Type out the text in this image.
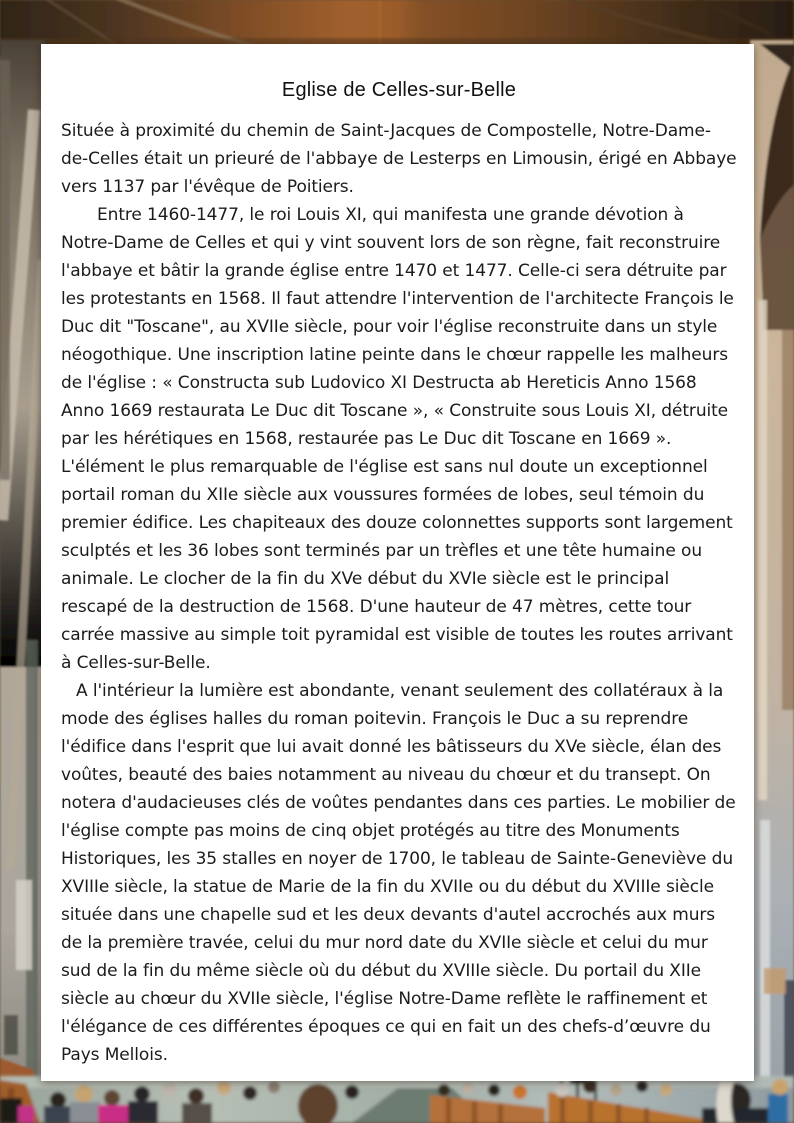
Eglise de Celles-sur-Belle

Située à proximité du chemin de Saint-Jacques de Compostelle, Notre-Dame-de-Celles était un prieuré de l'abbaye de Lesterps en Limousin, érigé en Abbaye vers 1137 par l'évêque de Poitiers.

Entre 1460-1477, le roi Louis XI, qui manifesta une grande dévotion à Notre-Dame de Celles et qui y vint souvent lors de son règne, fait reconstruire l'abbaye et bâtir la grande église entre 1470 et 1477. Celle-ci sera détruite par les protestants en 1568. Il faut attendre l'intervention de l'architecte François le Duc dit "Toscane", au XVIIe siècle, pour voir l'église reconstruite dans un style néogothique. Une inscription latine peinte dans le chœur rappelle les malheurs de l'église : « Constructa sub Ludovico XI Destructa ab Hereticis Anno 1568 Anno 1669 restaurata Le Duc dit Toscane », « Construite sous Louis XI, détruite par les hérétiques en 1568, restaurée pas Le Duc dit Toscane en 1669 ». L'élément le plus remarquable de l'église est sans nul doute un exceptionnel portail roman du XIIe siècle aux voussures formées de lobes, seul témoin du premier édifice. Les chapiteaux des douze colonnettes supports sont largement sculptés et les 36 lobes sont terminés par un trèfles et une tête humaine ou animale. Le clocher de la fin du XVe début du XVIe siècle est le principal rescapé de la destruction de 1568. D'une hauteur de 47 mètres, cette tour carrée massive au simple toit pyramidal est visible de toutes les routes arrivant à Celles-sur-Belle.

A l'intérieur la lumière est abondante, venant seulement des collatéraux à la mode des églises halles du roman poitevin. François le Duc a su reprendre l'édifice dans l'esprit que lui avait donné les bâtisseurs du XVe siècle, élan des voûtes, beauté des baies notamment au niveau du chœur et du transept. On notera d'audacieuses clés de voûtes pendantes dans ces parties. Le mobilier de l'église compte pas moins de cinq objet protégés au titre des Monuments Historiques, les 35 stalles en noyer de 1700, le tableau de Sainte-Geneviève du XVIIIe siècle, la statue de Marie de la fin du XVIIe ou du début du XVIIIe siècle située dans une chapelle sud et les deux devants d'autel accrochés aux murs de la première travée, celui du mur nord date du XVIIe siècle et celui du mur sud de la fin du même siècle où du début du XVIIIe siècle. Du portail du XIIe siècle au chœur du XVIIe siècle, l'église Notre-Dame reflète le raffinement et l'élégance de ces différentes époques ce qui en fait un des chefs-d’œuvre du Pays Mellois.
